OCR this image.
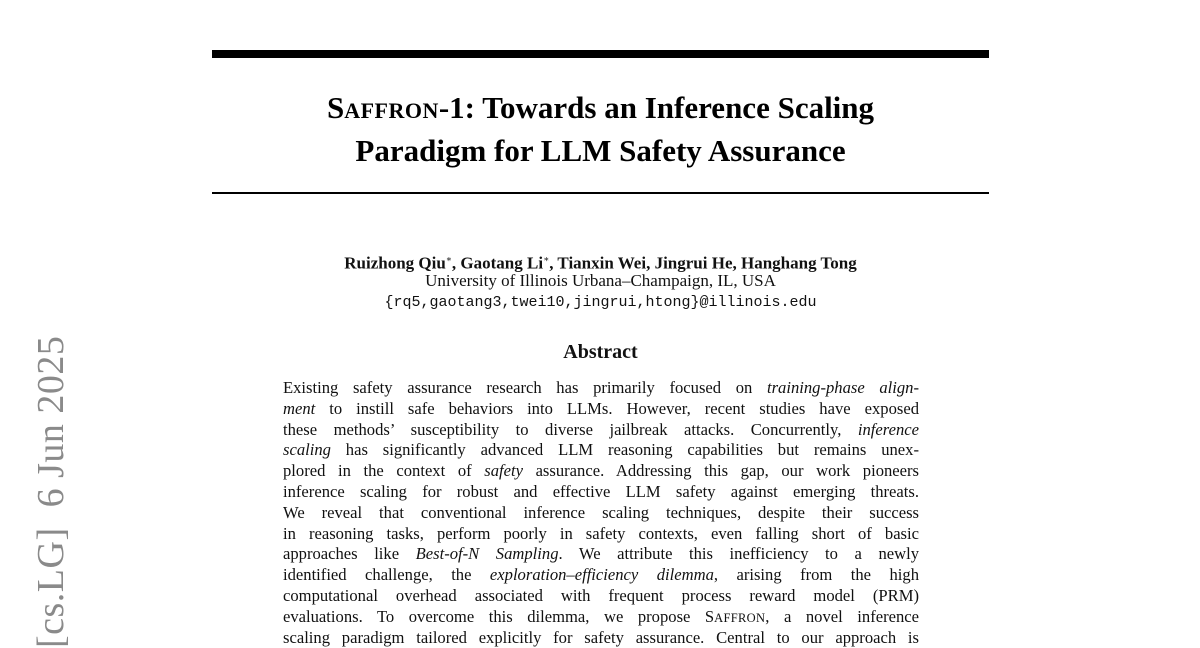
SAFFRON-1: Towards an Inference Scaling
Paradigm for LLM Safety Assurance
Ruizhong Qiu∗, Gaotang Li∗, Tianxin Wei, Jingrui He, Hanghang Tong
University of Illinois Urbana–Champaign, IL, USA
{rq5,gaotang3,twei10,jingrui,htong}@illinois.edu
Abstract
Existing safety assurance research has primarily focused on training-phase align-
ment to instill safe behaviors into LLMs. However, recent studies have exposed
these methods’ susceptibility to diverse jailbreak attacks. Concurrently, inference
scaling has significantly advanced LLM reasoning capabilities but remains unex-
plored in the context of safety assurance. Addressing this gap, our work pioneers
inference scaling for robust and effective LLM safety against emerging threats.
We reveal that conventional inference scaling techniques, despite their success
in reasoning tasks, perform poorly in safety contexts, even falling short of basic
approaches like Best-of-N Sampling. We attribute this inefficiency to a newly
identified challenge, the exploration–efficiency dilemma, arising from the high
computational overhead associated with frequent process reward model (PRM)
evaluations. To overcome this dilemma, we propose SAFFRON, a novel inference
scaling paradigm tailored explicitly for safety assurance. Central to our approach is
[cs.LG]  6 Jun 2025
